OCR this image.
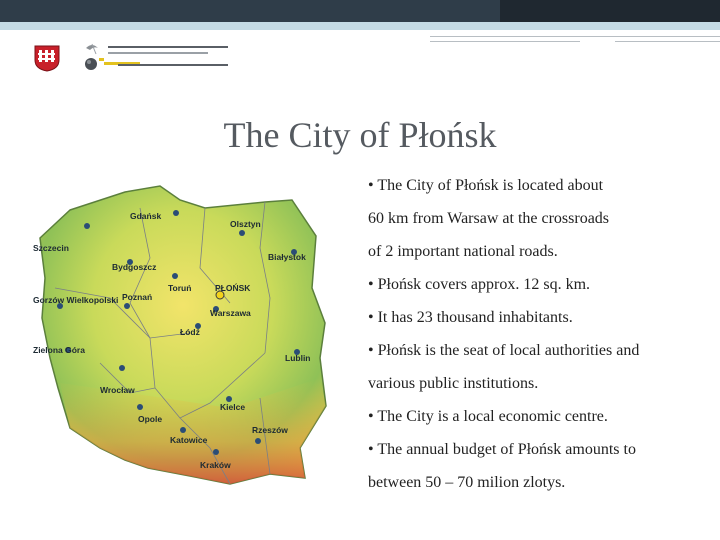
The City of Płońsk
Gdańsk
Olsztyn
Szczecin
Bydgoszcz
Białystok
Toruń	PŁOŃSK
Gorzów Wielkopolski Poznań
Warszawa
Łódź
Zielona Góra
Lublin
Wrocław
Kielce
Opole
Katowice
Rzeszów
Kraków

• The City of Płońsk is located about

60 km from Warsaw at the crossroads

of 2 important national roads.

• Płońsk covers approx. 12 sq. km.

• It has 23 thousand inhabitants.

• Płońsk is the seat of local authorities and

various public institutions.

• The City is a local economic centre.

• The annual budget of Płońsk amounts to

between 50 – 70 milion zlotys.
